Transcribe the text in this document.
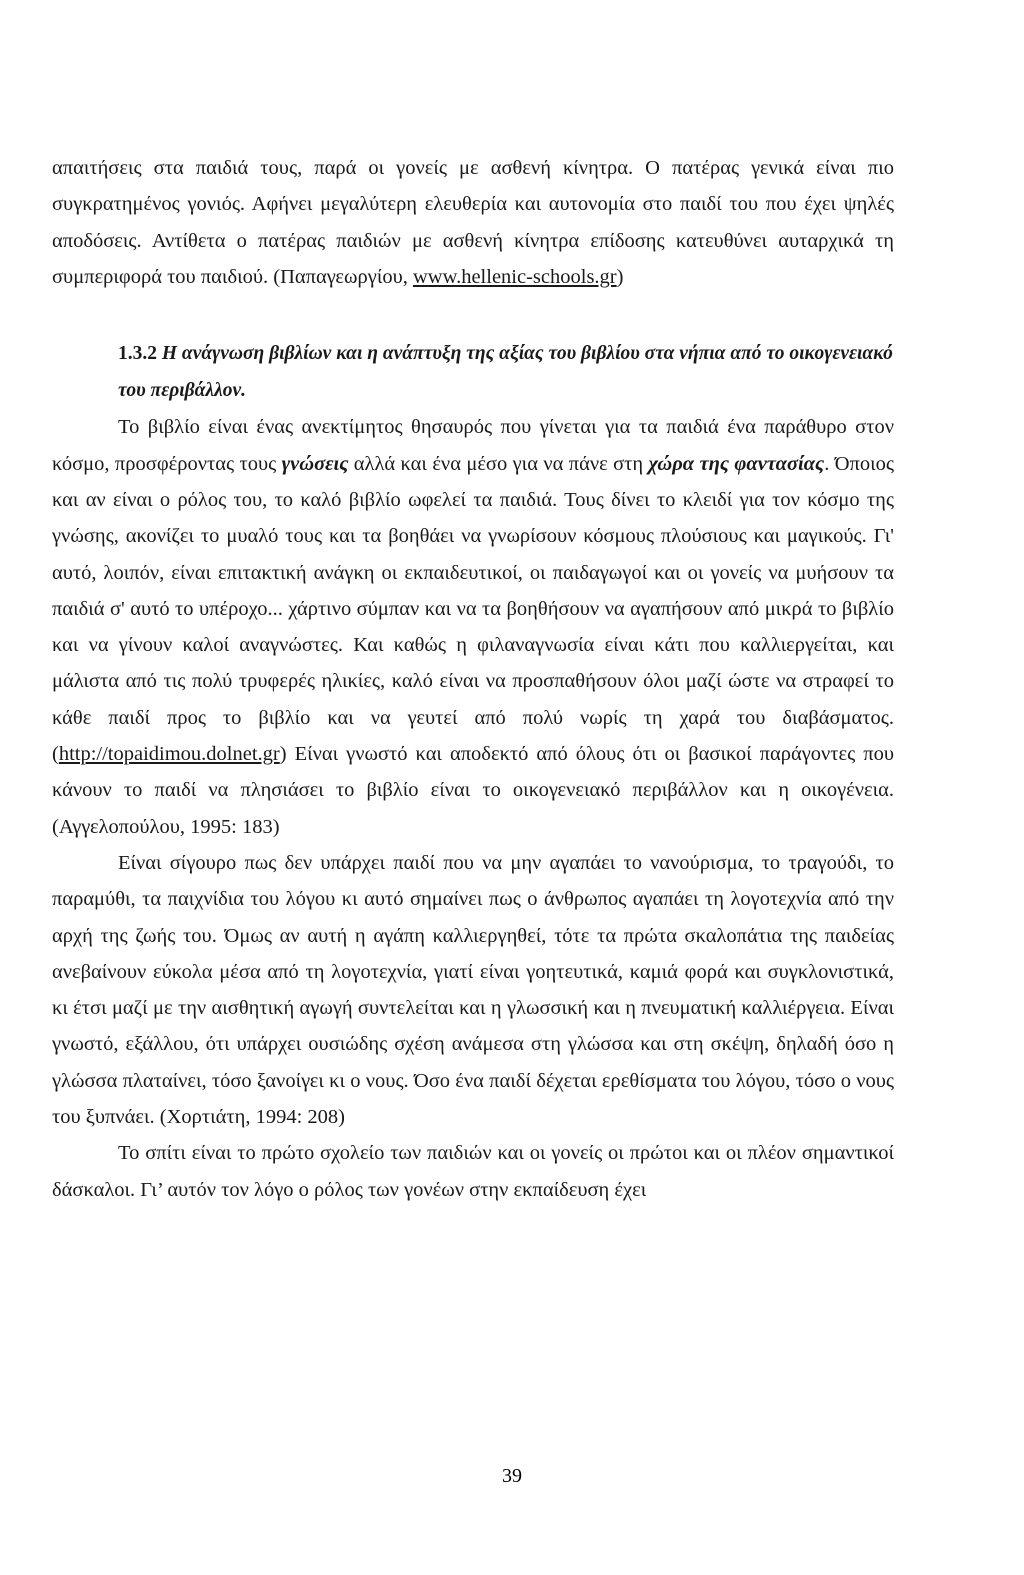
απαιτήσεις στα παιδιά τους, παρά οι γονείς με ασθενή κίνητρα. Ο πατέρας γενικά είναι πιο συγκρατημένος γονιός. Αφήνει μεγαλύτερη ελευθερία και αυτονομία στο παιδί του που έχει ψηλές αποδόσεις. Αντίθετα ο πατέρας παιδιών με ασθενή κίνητρα επίδοσης κατευθύνει αυταρχικά τη συμπεριφορά του παιδιού. (Παπαγεωργίου, www.hellenic-schools.gr)

1.3.2 Η ανάγνωση βιβλίων και η ανάπτυξη της αξίας του βιβλίου στα νήπια από το οικογενειακό του περιβάλλον.

Το βιβλίο είναι ένας ανεκτίμητος θησαυρός που γίνεται για τα παιδιά ένα παράθυρο στον κόσμο, προσφέροντας τους γνώσεις αλλά και ένα μέσο για να πάνε στη χώρα της φαντασίας. Όποιος και αν είναι ο ρόλος του, το καλό βιβλίο ωφελεί τα παιδιά. Τους δίνει το κλειδί για τον κόσμο της γνώσης, ακονίζει το μυαλό τους και τα βοηθάει να γνωρίσουν κόσμους πλούσιους και μαγικούς. Γι' αυτό, λοιπόν, είναι επιτακτική ανάγκη οι εκπαιδευτικοί, οι παιδαγωγοί και οι γονείς να μυήσουν τα παιδιά σ' αυτό το υπέροχο... χάρτινο σύμπαν και να τα βοηθήσουν να αγαπήσουν από μικρά το βιβλίο και να γίνουν καλοί αναγνώστες. Και καθώς η φιλαναγνωσία είναι κάτι που καλλιεργείται, και μάλιστα από τις πολύ τρυφερές ηλικίες, καλό είναι να προσπαθήσουν όλοι μαζί ώστε να στραφεί το κάθε παιδί προς το βιβλίο και να γευτεί από πολύ νωρίς τη χαρά του διαβάσματος. (http://topaidimou.dolnet.gr) Είναι γνωστό και αποδεκτό από όλους ότι οι βασικοί παράγοντες που κάνουν το παιδί να πλησιάσει το βιβλίο είναι το οικογενειακό περιβάλλον και η οικογένεια. (Αγγελοπούλου, 1995: 183)

Είναι σίγουρο πως δεν υπάρχει παιδί που να μην αγαπάει το νανούρισμα, το τραγούδι, το παραμύθι, τα παιχνίδια του λόγου κι αυτό σημαίνει πως ο άνθρωπος αγαπάει τη λογοτεχνία από την αρχή της ζωής του. Όμως αν αυτή η αγάπη καλλιεργηθεί, τότε τα πρώτα σκαλοπάτια της παιδείας ανεβαίνουν εύκολα μέσα από τη λογοτεχνία, γιατί είναι γοητευτικά, καμιά φορά και συγκλονιστικά, κι έτσι μαζί με την αισθητική αγωγή συντελείται και η γλωσσική και η πνευματική καλλιέργεια. Είναι γνωστό, εξάλλου, ότι υπάρχει ουσιώδης σχέση ανάμεσα στη γλώσσα και στη σκέψη, δηλαδή όσο η γλώσσα πλαταίνει, τόσο ξανοίγει κι ο νους. Όσο ένα παιδί δέχεται ερεθίσματα του λόγου, τόσο ο νους του ξυπνάει. (Χορτιάτη, 1994: 208)

Το σπίτι είναι το πρώτο σχολείο των παιδιών και οι γονείς οι πρώτοι και οι πλέον σημαντικοί δάσκαλοι. Γι’ αυτόν τον λόγο ο ρόλος των γονέων στην εκπαίδευση έχει

39
